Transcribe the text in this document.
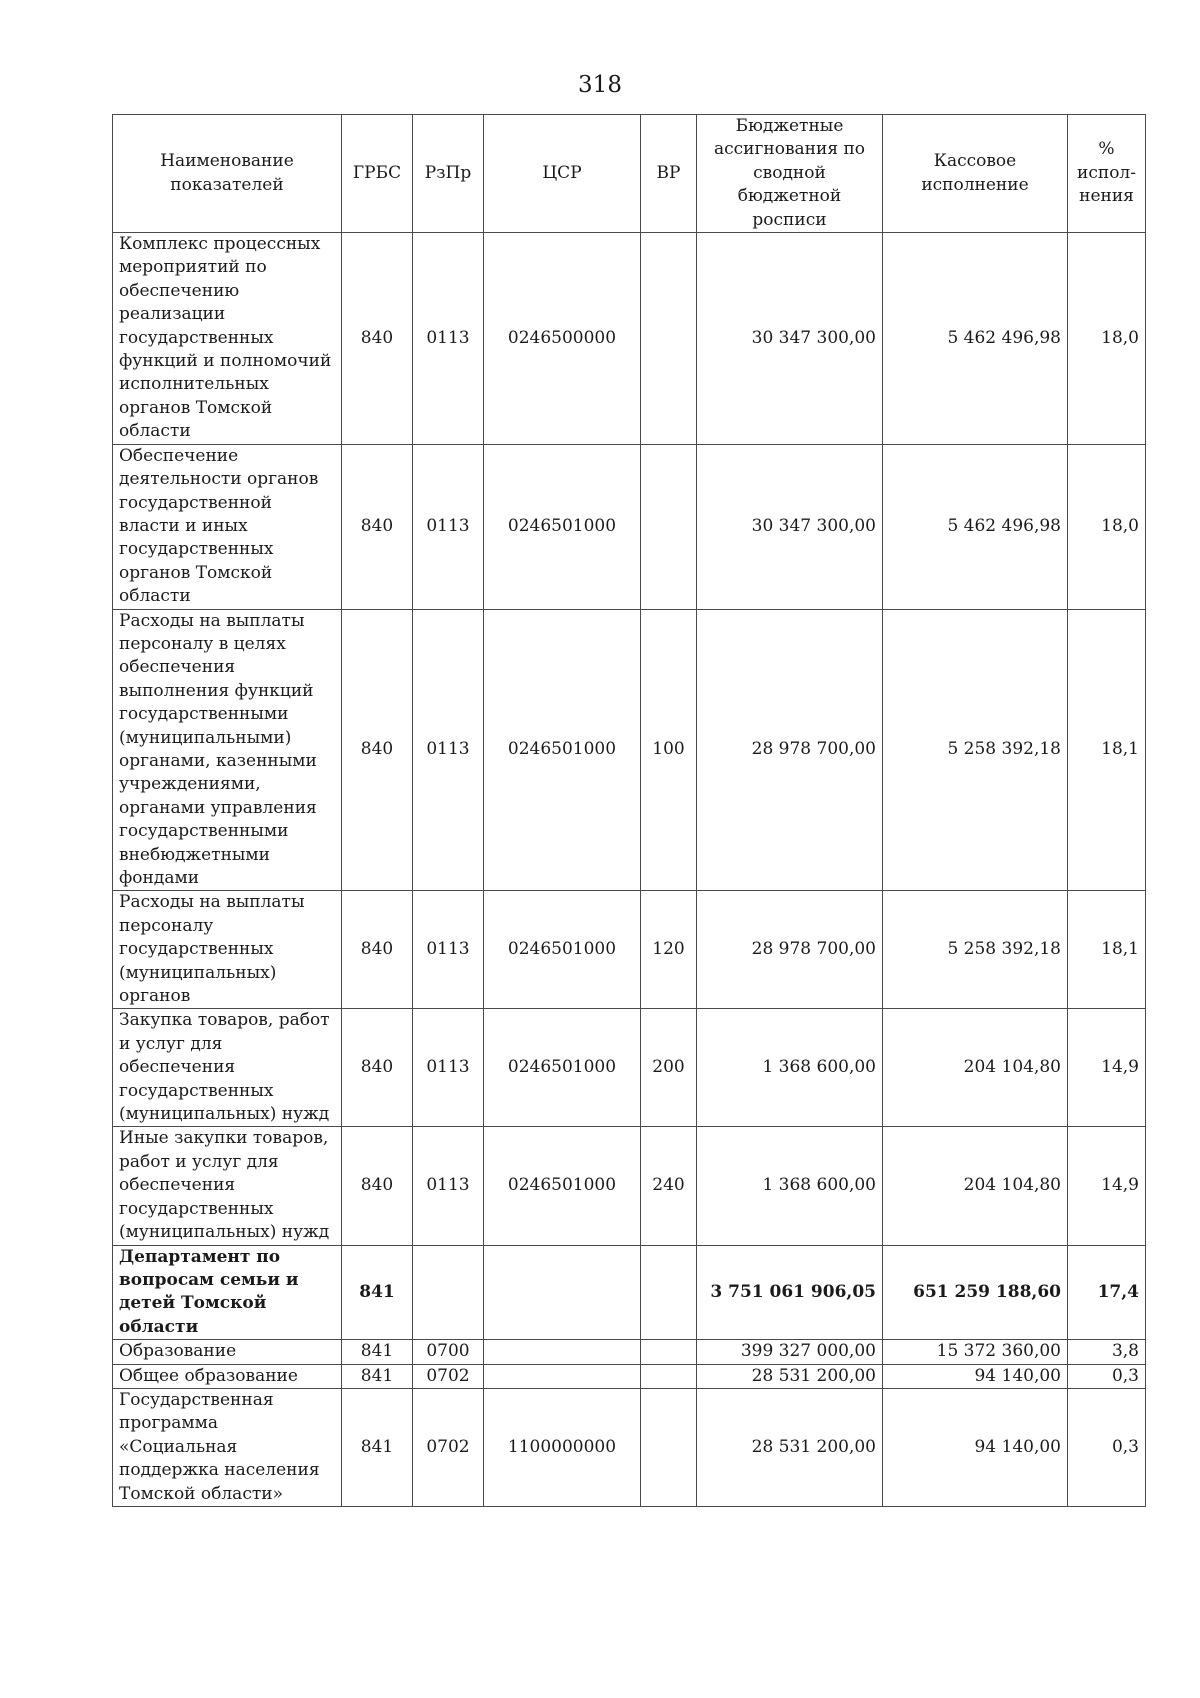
318
Наименование показателей	ГРБС	РзПр	ЦСР	ВР	Бюджетные ассигнования по сводной бюджетной росписи	Кассовое исполнение	% испол-нения
Комплекс процессных мероприятий по обеспечению реализации государственных функций и полномочий исполнительных органов Томской области	840	0113	0246500000		30 347 300,00	5 462 496,98	18,0
Обеспечение деятельности органов государственной власти и иных государственных органов Томской области	840	0113	0246501000		30 347 300,00	5 462 496,98	18,0
Расходы на выплаты персоналу в целях обеспечения выполнения функций государственными (муниципальными) органами, казенными учреждениями, органами управления государственными внебюджетными фондами	840	0113	0246501000	100	28 978 700,00	5 258 392,18	18,1
Расходы на выплаты персоналу государственных (муниципальных) органов	840	0113	0246501000	120	28 978 700,00	5 258 392,18	18,1
Закупка товаров, работ и услуг для обеспечения государственных (муниципальных) нужд	840	0113	0246501000	200	1 368 600,00	204 104,80	14,9
Иные закупки товаров, работ и услуг для обеспечения государственных (муниципальных) нужд	840	0113	0246501000	240	1 368 600,00	204 104,80	14,9
Департамент по вопросам семьи и детей Томской области	841				3 751 061 906,05	651 259 188,60	17,4
Образование	841	0700			399 327 000,00	15 372 360,00	3,8
Общее образование	841	0702			28 531 200,00	94 140,00	0,3
Государственная программа «Социальная поддержка населения Томской области»	841	0702	1100000000		28 531 200,00	94 140,00	0,3
